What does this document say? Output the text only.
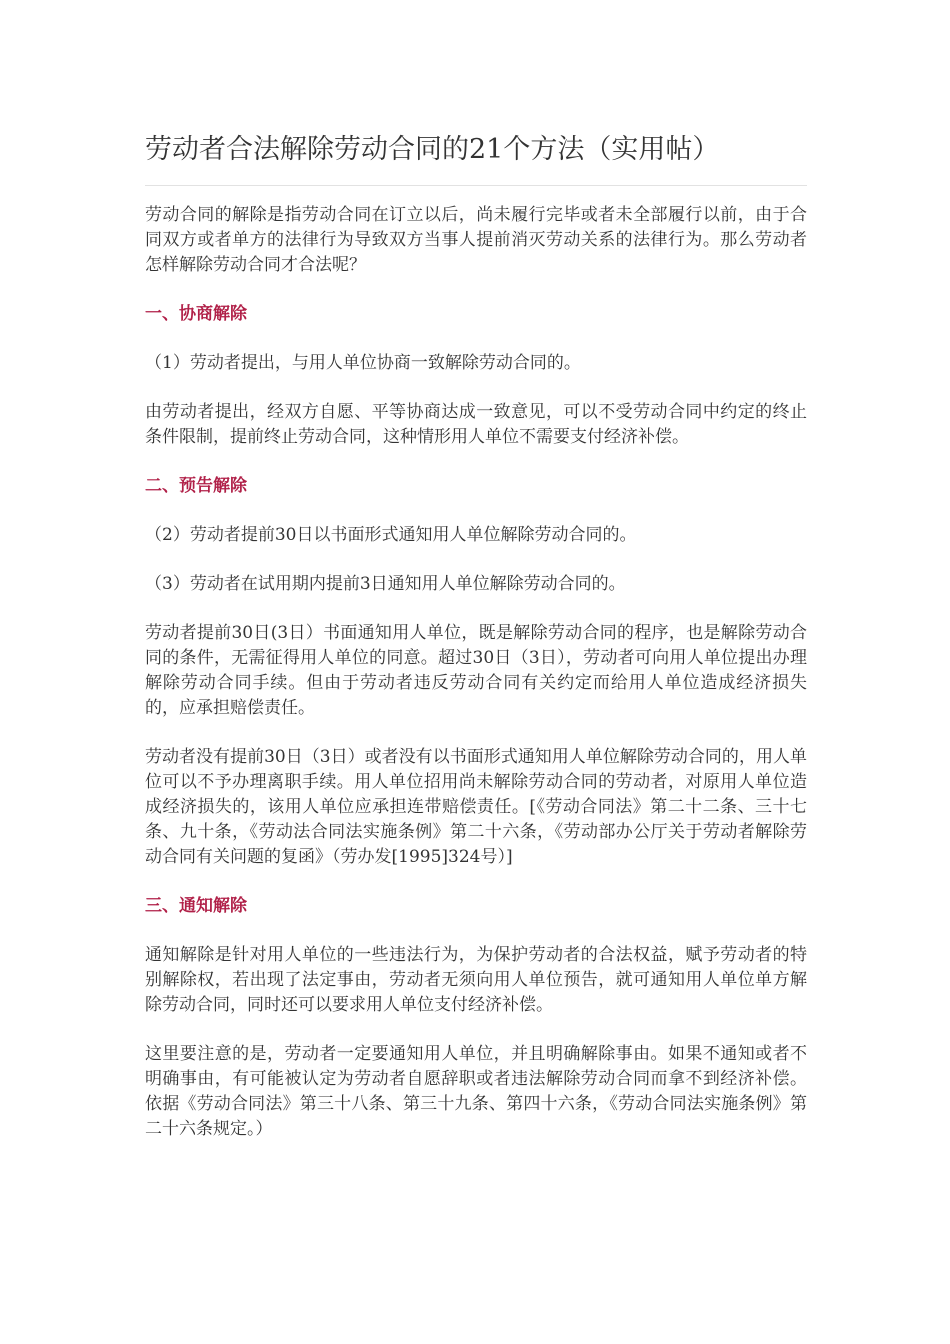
劳动者合法解除劳动合同的21个方法（实用帖）

劳动合同的解除是指劳动合同在订立以后，尚未履行完毕或者未全部履行以前，由于合同双方或者单方的法律行为导致双方当事人提前消灭劳动关系的法律行为。那么劳动者怎样解除劳动合同才合法呢？

一、协商解除

（1）劳动者提出，与用人单位协商一致解除劳动合同的。

由劳动者提出，经双方自愿、平等协商达成一致意见，可以不受劳动合同中约定的终止条件限制，提前终止劳动合同，这种情形用人单位不需要支付经济补偿。

二、预告解除

（2）劳动者提前30日以书面形式通知用人单位解除劳动合同的。

（3）劳动者在试用期内提前3日通知用人单位解除劳动合同的。

劳动者提前30日(3日）书面通知用人单位，既是解除劳动合同的程序，也是解除劳动合同的条件，无需征得用人单位的同意。超过30日（3日），劳动者可向用人单位提出办理解除劳动合同手续。但由于劳动者违反劳动合同有关约定而给用人单位造成经济损失的，应承担赔偿责任。

劳动者没有提前30日（3日）或者没有以书面形式通知用人单位解除劳动合同的，用人单位可以不予办理离职手续。用人单位招用尚未解除劳动合同的劳动者，对原用人单位造成经济损失的，该用人单位应承担连带赔偿责任。[《劳动合同法》第二十二条、三十七条、九十条，《劳动法合同法实施条例》第二十六条，《劳动部办公厅关于劳动者解除劳动合同有关问题的复函》（劳办发[1995]324号）]

三、通知解除

通知解除是针对用人单位的一些违法行为，为保护劳动者的合法权益，赋予劳动者的特别解除权，若出现了法定事由，劳动者无须向用人单位预告，就可通知用人单位单方解除劳动合同，同时还可以要求用人单位支付经济补偿。

这里要注意的是，劳动者一定要通知用人单位，并且明确解除事由。如果不通知或者不明确事由，有可能被认定为劳动者自愿辞职或者违法解除劳动合同而拿不到经济补偿。依据《劳动合同法》第三十八条、第三十九条、第四十六条，《劳动合同法实施条例》第二十六条规定。）
